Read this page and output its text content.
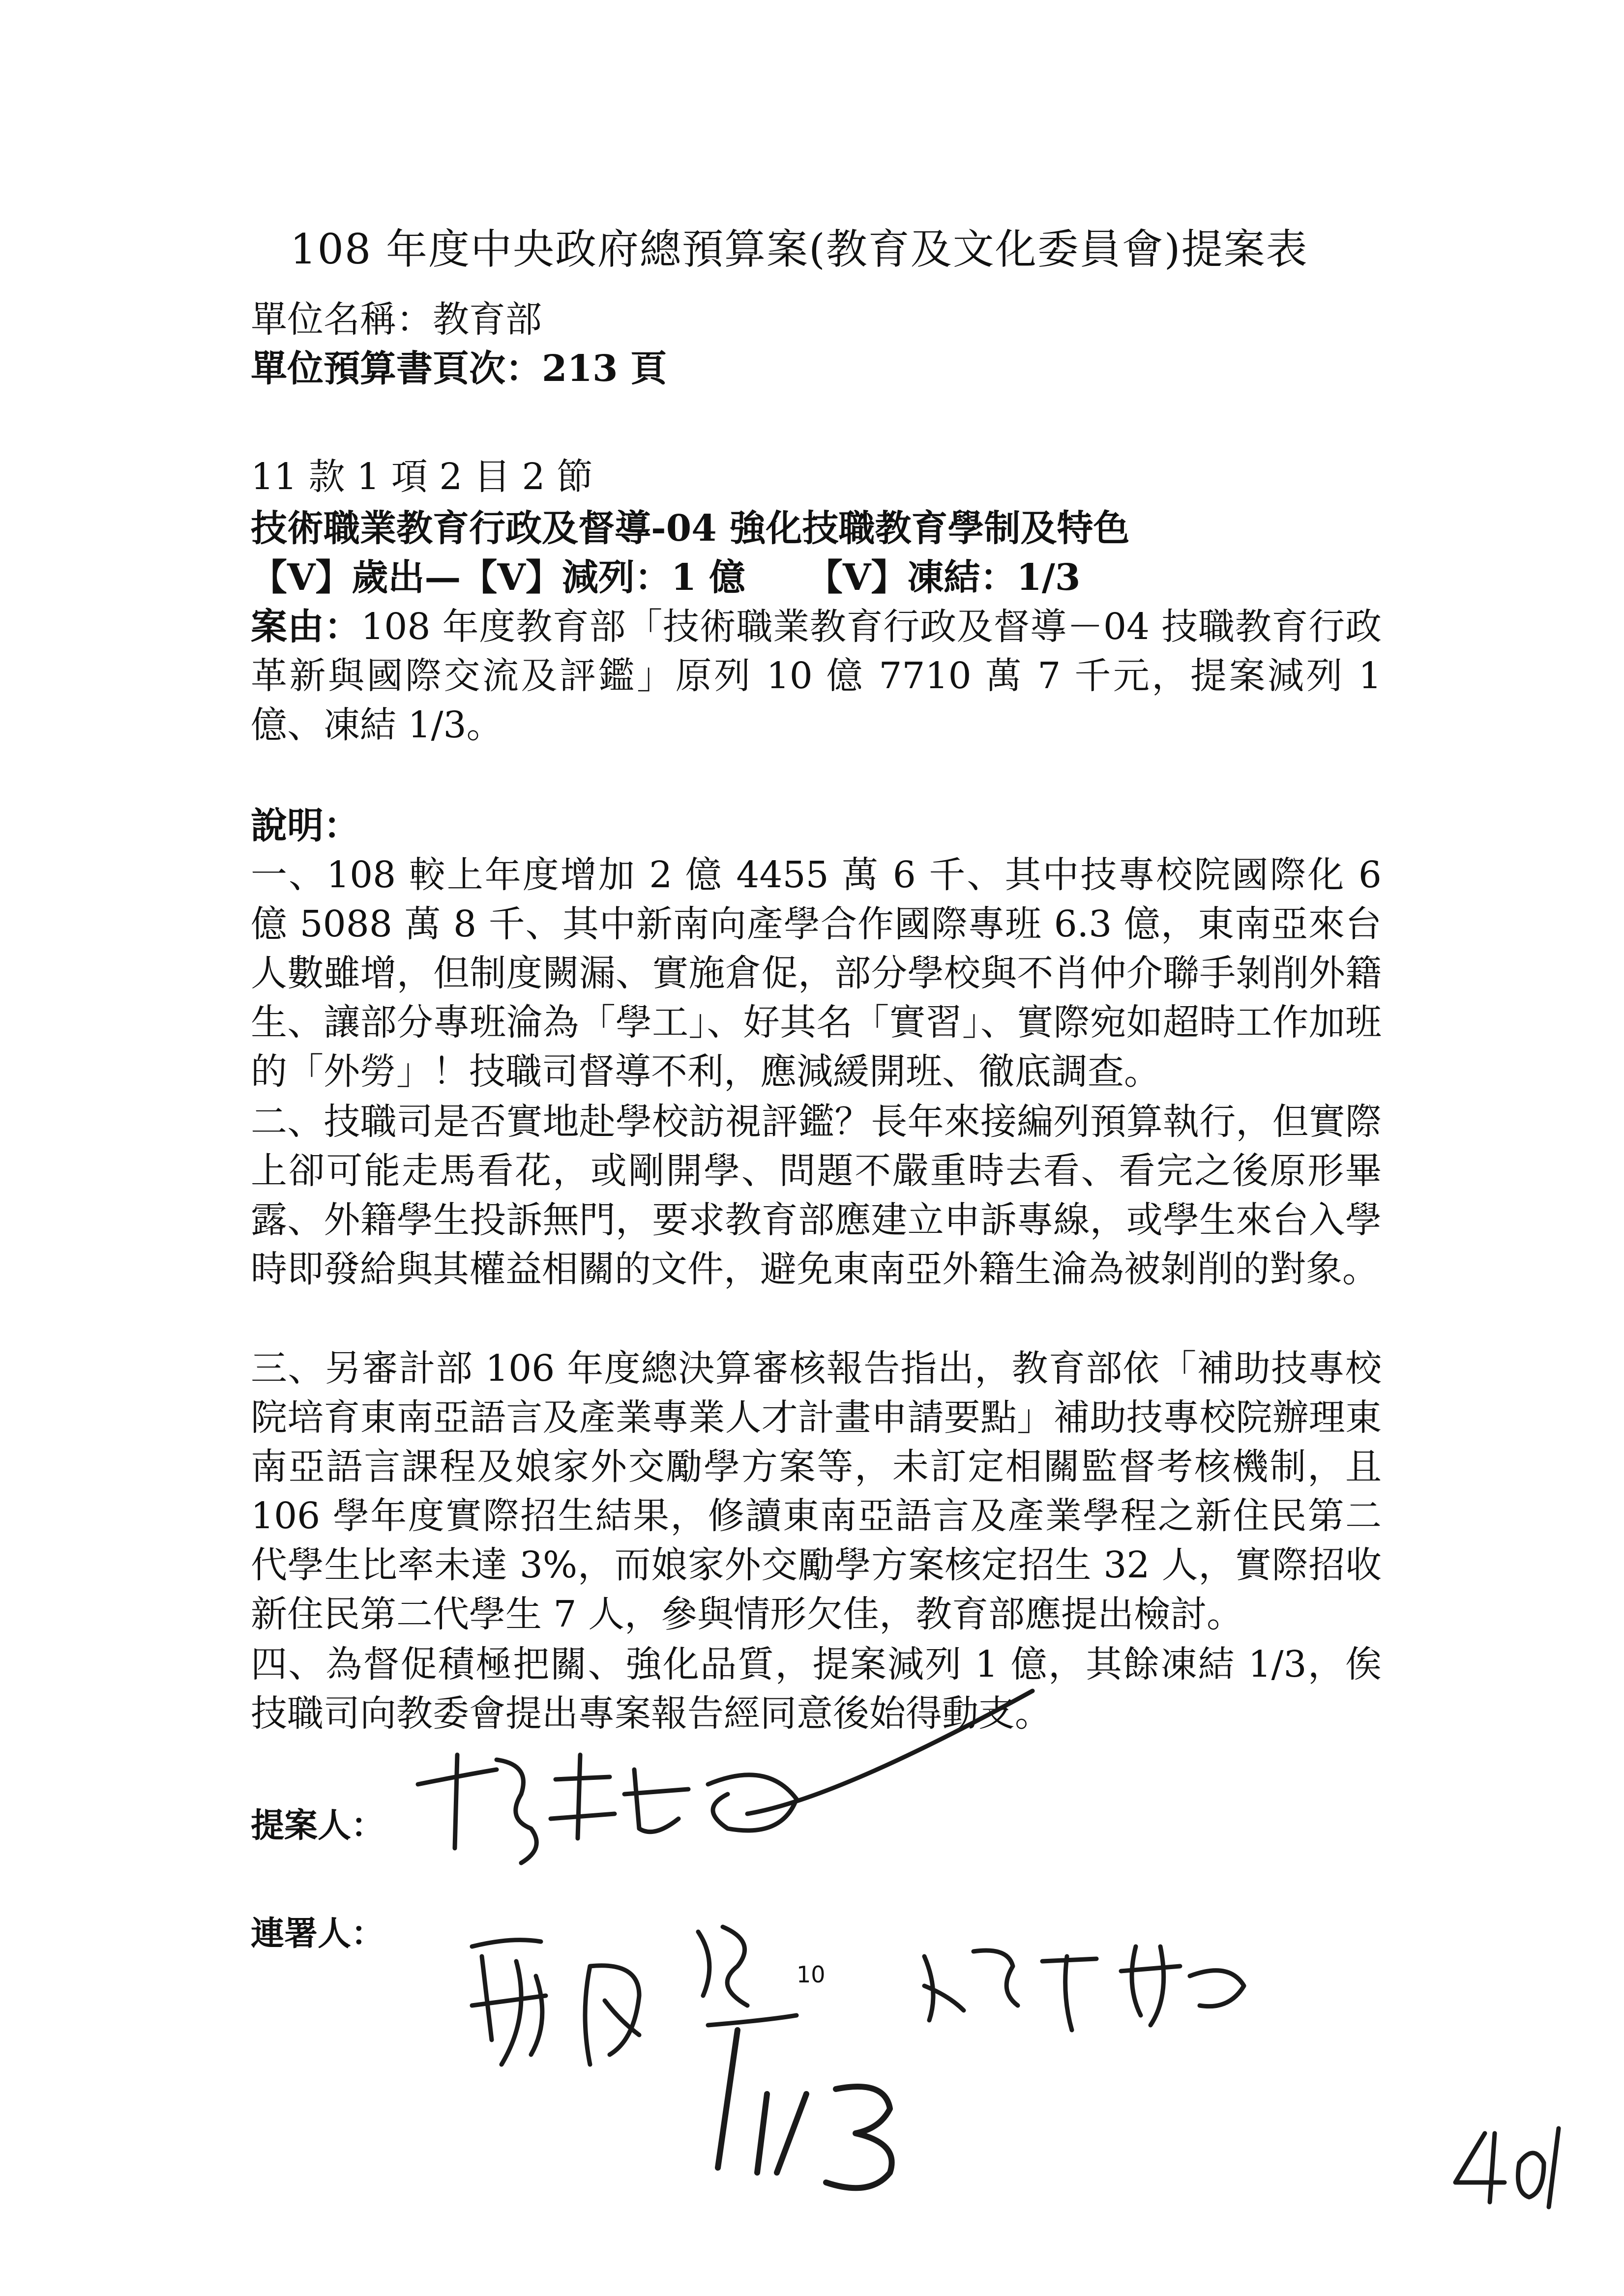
108 年度中央政府總預算案(教育及文化委員會)提案表

單位名稱：教育部

單位預算書頁次：213 頁

11 款 1 項 2 目 2 節

技術職業教育行政及督導-04 強化技職教育學制及特色

【V】歲出—【V】減列：1 億 【V】凍結：1/3

案由：108 年度教育部「技術職業教育行政及督導－04 技職教育行政革新與國際交流及評鑑」原列 10 億 7710 萬 7 千元，提案減列 1 億、凍結 1/3。

說明：

一、108 較上年度增加 2 億 4455 萬 6 千、其中技專校院國際化 6 億 5088 萬 8 千、其中新南向產學合作國際專班 6.3 億，東南亞來台人數雖增，但制度闕漏、實施倉促，部分學校與不肖仲介聯手剝削外籍生、讓部分專班淪為「學工」、好其名「實習」、實際宛如超時工作加班的「外勞」！技職司督導不利，應減緩開班、徹底調查。

二、技職司是否實地赴學校訪視評鑑？長年來接編列預算執行，但實際上卻可能走馬看花，或剛開學、問題不嚴重時去看、看完之後原形畢露、外籍學生投訴無門，要求教育部應建立申訴專線，或學生來台入學時即發給與其權益相關的文件，避免東南亞外籍生淪為被剝削的對象。

三、另審計部 106 年度總決算審核報告指出，教育部依「補助技專校院培育東南亞語言及產業專業人才計畫申請要點」補助技專校院辦理東南亞語言課程及娘家外交勵學方案等，未訂定相關監督考核機制，且 106 學年度實際招生結果，修讀東南亞語言及產業學程之新住民第二代學生比率未達 3%，而娘家外交勵學方案核定招生 32 人，實際招收新住民第二代學生 7 人，參與情形欠佳，教育部應提出檢討。

四、為督促積極把關、強化品質，提案減列 1 億，其餘凍結 1/3，俟技職司向教委會提出專案報告經同意後始得動支。

提案人：

連署人：

10
